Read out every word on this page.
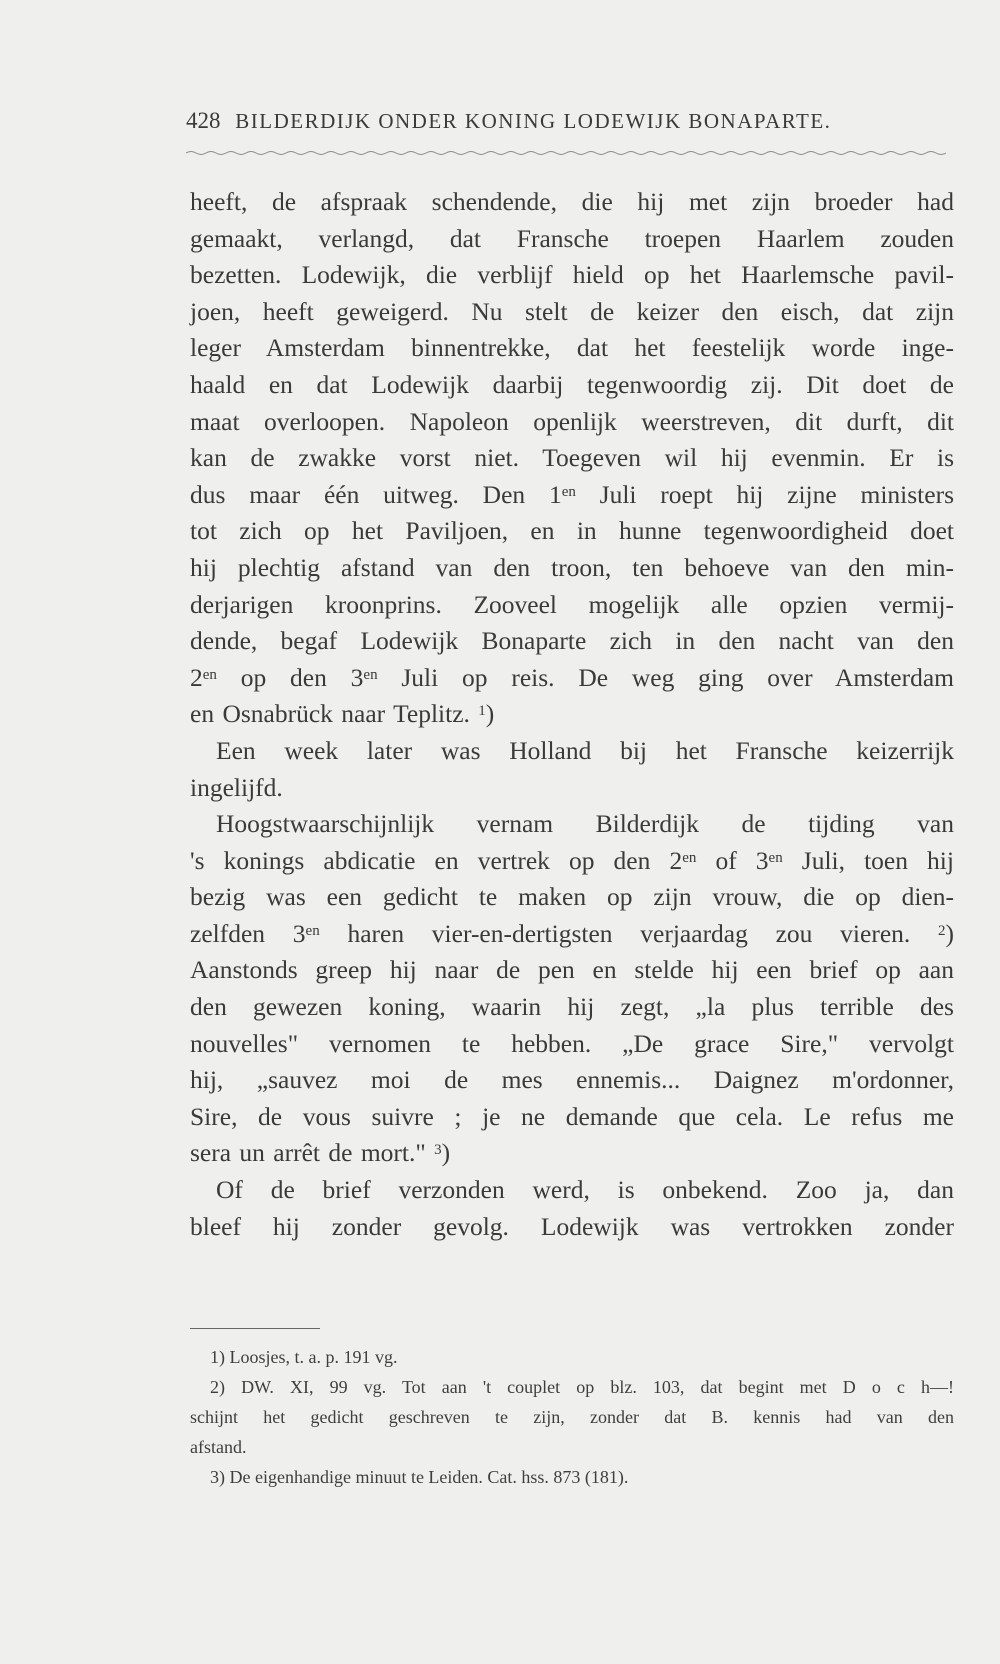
428 BILDERDIJK ONDER KONING LODEWIJK BONAPARTE.
heeft, de afspraak schendende, die hij met zijn broeder had
gemaakt, verlangd, dat Fransche troepen Haarlem zouden
bezetten. Lodewijk, die verblijf hield op het Haarlemsche pavil-
joen, heeft geweigerd. Nu stelt de keizer den eisch, dat zijn
leger Amsterdam binnentrekke, dat het feestelijk worde inge-
haald en dat Lodewijk daarbij tegenwoordig zij. Dit doet de
maat overloopen. Napoleon openlijk weerstreven, dit durft, dit
kan de zwakke vorst niet. Toegeven wil hij evenmin. Er is
dus maar één uitweg. Den $1^{en}$ Juli roept hij zijne ministers
tot zich op het Paviljoen, en in hunne tegenwoordigheid doet
hij plechtig afstand van den troon, ten behoeve van den min-
derjarigen kroonprins. Zooveel mogelijk alle opzien vermij-
dende, begaf Lodewijk Bonaparte zich in den nacht van den
$2^{en}$ op den $3^{en}$ Juli op reis. De weg ging over Amsterdam
en Osnabrück naar Teplitz. $^1$)
Een week later was Holland bij het Fransche keizerrijk
ingelijfd.
Hoogstwaarschijnlijk vernam Bilderdijk de tijding van
's konings abdicatie en vertrek op den $2^{en}$ of $3^{en}$ Juli, toen hij
bezig was een gedicht te maken op zijn vrouw, die op dien-
zelfden $3^{en}$ haren vier-en-dertigsten verjaardag zou vieren. $^2$)
Aanstonds greep hij naar de pen en stelde hij een brief op aan
den gewezen koning, waarin hij zegt, „la plus terrible des
nouvelles" vernomen te hebben. „De grace Sire," vervolgt
hij, „sauvez moi de mes ennemis... Daignez m'ordonner,
Sire, de vous suivre ; je ne demande que cela. Le refus me
sera un arrêt de mort." $^3$)
Of de brief verzonden werd, is onbekend. Zoo ja, dan
bleef hij zonder gevolg. Lodewijk was vertrokken zonder
1) Loosjes, t. a. p. 191 vg.
2) DW. XI, 99 vg. Tot aan 't couplet op blz. 103, dat begint met D o c h—!
schijnt het gedicht geschreven te zijn, zonder dat B. kennis had van den
afstand.
3) De eigenhandige minuut te Leiden. Cat. hss. 873 (181).
